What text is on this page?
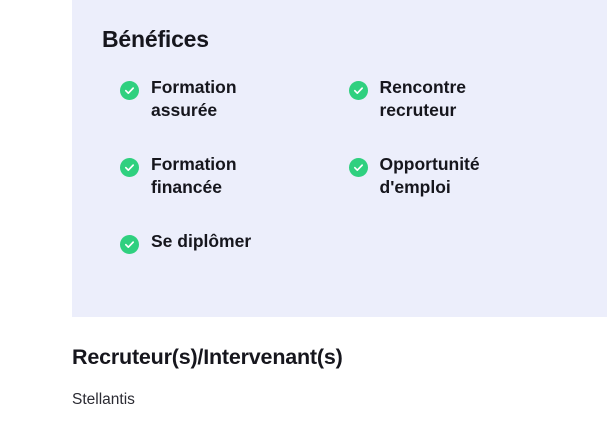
Bénéfices
Formation assurée
Rencontre recruteur
Formation financée
Opportunité d'emploi
Se diplômer
Recruteur(s)/Intervenant(s)
Stellantis
